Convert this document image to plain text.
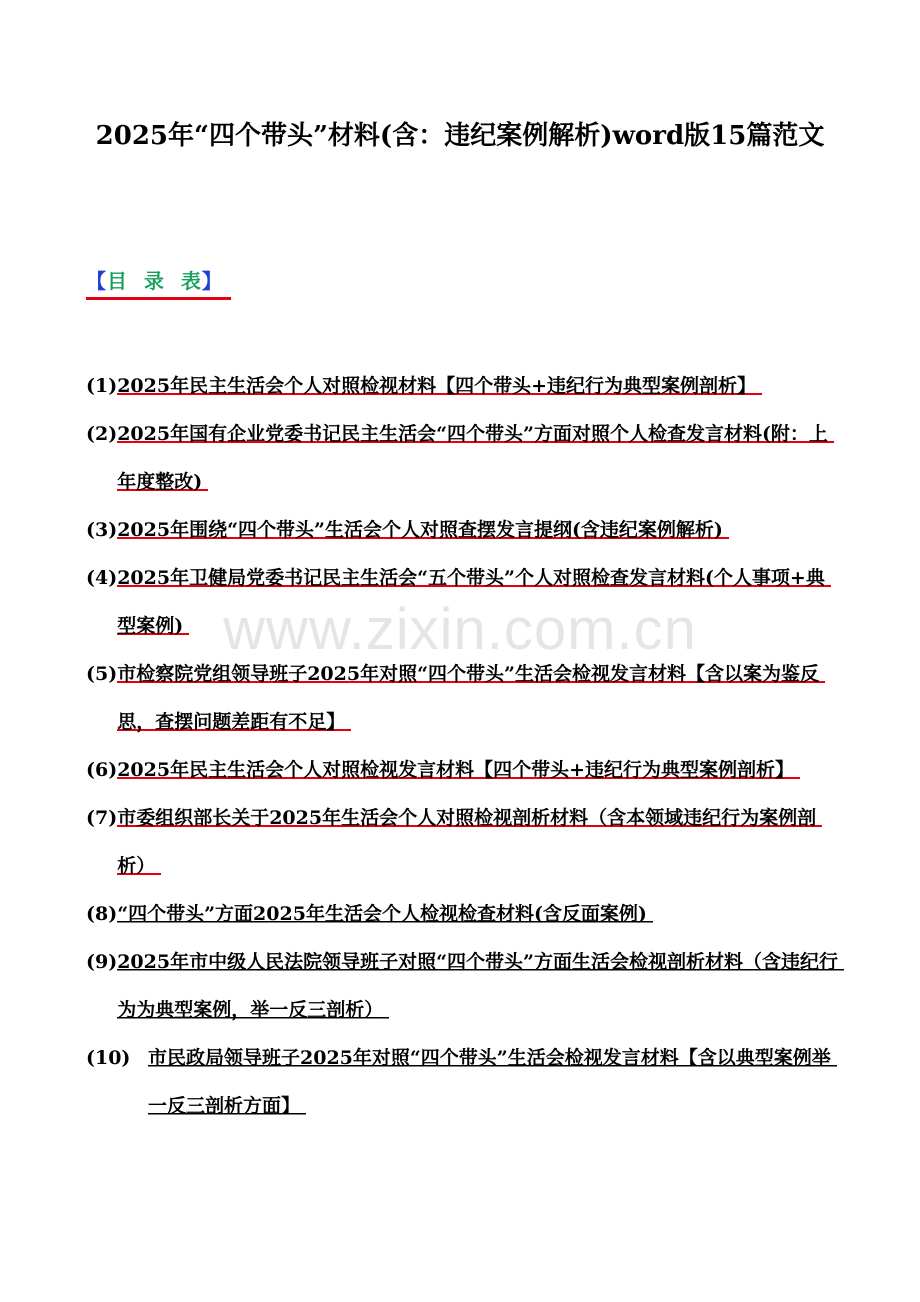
2025年“四个带头”材料(含：违纪案例解析)word版15篇范文
【目  录  表】
(1) 2025年民主生活会个人对照检视材料【四个带头+违纪行为典型案例剖析】
(2) 2025年国有企业党委书记民主生活会“四个带头”方面对照个人检查发言材料(附：上年度整改)
(3) 2025年围绕“四个带头”生活会个人对照查摆发言提纲(含违纪案例解析)
(4) 2025年卫健局党委书记民主生活会“五个带头”个人对照检查发言材料(个人事项+典型案例)
(5) 市检察院党组领导班子2025年对照“四个带头”生活会检视发言材料【含以案为鉴反思，查摆问题差距有不足】
(6) 2025年民主生活会个人对照检视发言材料【四个带头+违纪行为典型案例剖析】
(7) 市委组织部长关于2025年生活会个人对照检视剖析材料（含本领域违纪行为案例剖析）
(8) “四个带头”方面2025年生活会个人检视检查材料(含反面案例)
(9) 2025年市中级人民法院领导班子对照“四个带头”方面生活会检视剖析材料（含违纪行为为典型案例，举一反三剖析）
(10) 市民政局领导班子2025年对照“四个带头”生活会检视发言材料【含以典型案例举一反三剖析方面】
www.zixin.com.cn
